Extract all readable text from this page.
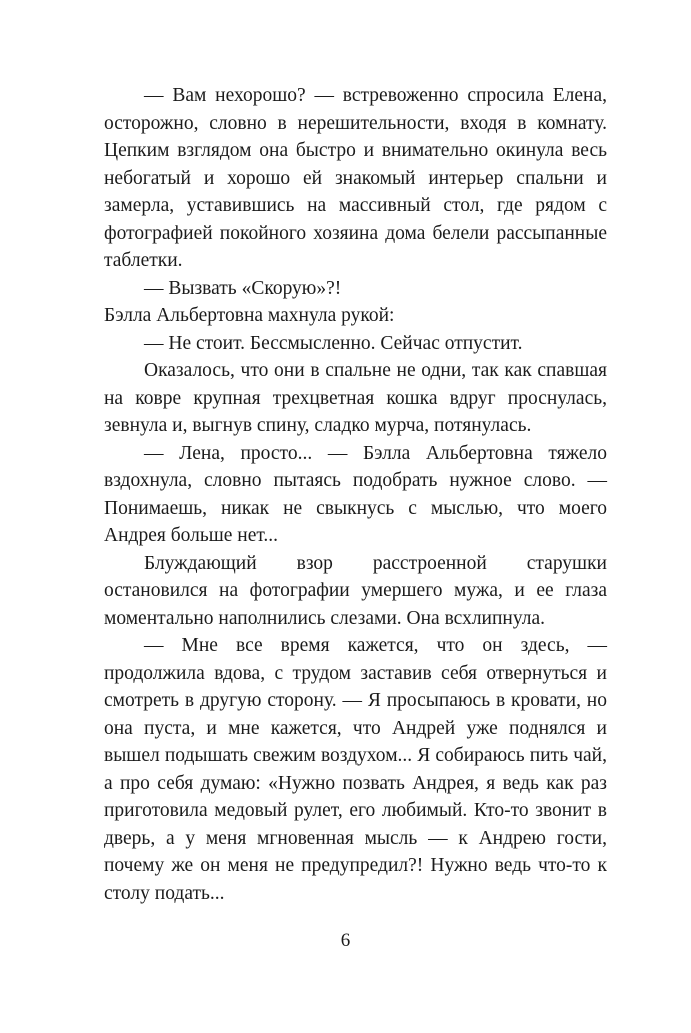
— Вам нехорошо? — встревоженно спросила Елена, осторожно, словно в нерешительности, входя в комнату. Цепким взглядом она быстро и внимательно окинула весь небогатый и хорошо ей знакомый интерьер спальни и замерла, уставившись на массивный стол, где рядом с фотографией покойного хозяина дома белели рассыпанные таблетки.

— Вызвать «Скорую»?!

Бэлла Альбертовна махнула рукой:

— Не стоит. Бессмысленно. Сейчас отпустит.

Оказалось, что они в спальне не одни, так как спавшая на ковре крупная трехцветная кошка вдруг проснулась, зевнула и, выгнув спину, сладко мурча, потянулась.

— Лена, просто... — Бэлла Альбертовна тяжело вздохнула, словно пытаясь подобрать нужное слово. — Понимаешь, никак не свыкнусь с мыслью, что моего Андрея больше нет...

Блуждающий взор расстроенной старушки остановился на фотографии умершего мужа, и ее глаза моментально наполнились слезами. Она всхлипнула.

— Мне все время кажется, что он здесь, — продолжила вдова, с трудом заставив себя отвернуться и смотреть в другую сторону. — Я просыпаюсь в кровати, но она пуста, и мне кажется, что Андрей уже поднялся и вышел подышать свежим воздухом... Я собираюсь пить чай, а про себя думаю: «Нужно позвать Андрея, я ведь как раз приготовила медовый рулет, его любимый. Кто-то звонит в дверь, а у меня мгновенная мысль — к Андрею гости, почему же он меня не предупредил?! Нужно ведь что-то к столу подать...

6
